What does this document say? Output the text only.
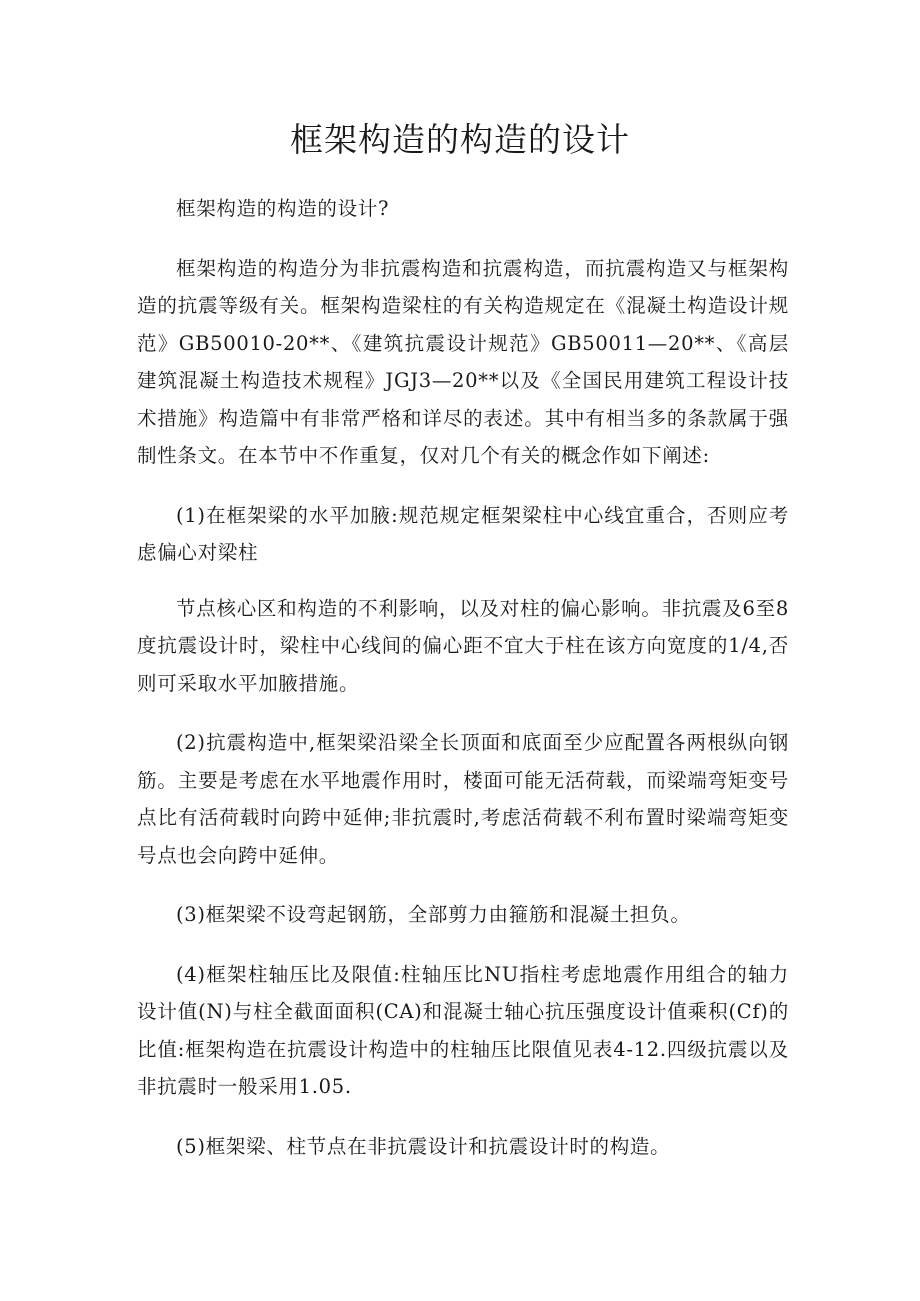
框架构造的构造的设计

框架构造的构造的设计?

框架构造的构造分为非抗震构造和抗震构造，而抗震构造又与框架构造的抗震等级有关。框架构造梁柱的有关构造规定在《混凝土构造设计规范》GB50010-20**、《建筑抗震设计规范》GB50011—20**、《高层建筑混凝土构造技术规程》JGJ3—20**以及《全国民用建筑工程设计技术措施》构造篇中有非常严格和详尽的表述。其中有相当多的条款属于强制性条文。在本节中不作重复，仅对几个有关的概念作如下阐述:

(1)在框架梁的水平加腋:规范规定框架梁柱中心线宜重合，否则应考虑偏心对梁柱

节点核心区和构造的不利影响，以及对柱的偏心影响。非抗震及6至8度抗震设计时，梁柱中心线间的偏心距不宜大于柱在该方向宽度的1/4,否则可采取水平加腋措施。

(2)抗震构造中,框架梁沿梁全长顶面和底面至少应配置各两根纵向钢筋。主要是考虑在水平地震作用时，楼面可能无活荷载，而梁端弯矩变号点比有活荷载时向跨中延伸;非抗震时,考虑活荷载不利布置时梁端弯矩变号点也会向跨中延伸。

(3)框架梁不设弯起钢筋，全部剪力由箍筋和混凝土担负。

(4)框架柱轴压比及限值:柱轴压比NU指柱考虑地震作用组合的轴力设计值(N)与柱全截面面积(CA)和混凝士轴心抗压强度设计值乘积(Cf)的比值:框架构造在抗震设计构造中的柱轴压比限值见表4-12.四级抗震以及非抗震时一般采用1.05.

(5)框架梁、柱节点在非抗震设计和抗震设计时的构造。
